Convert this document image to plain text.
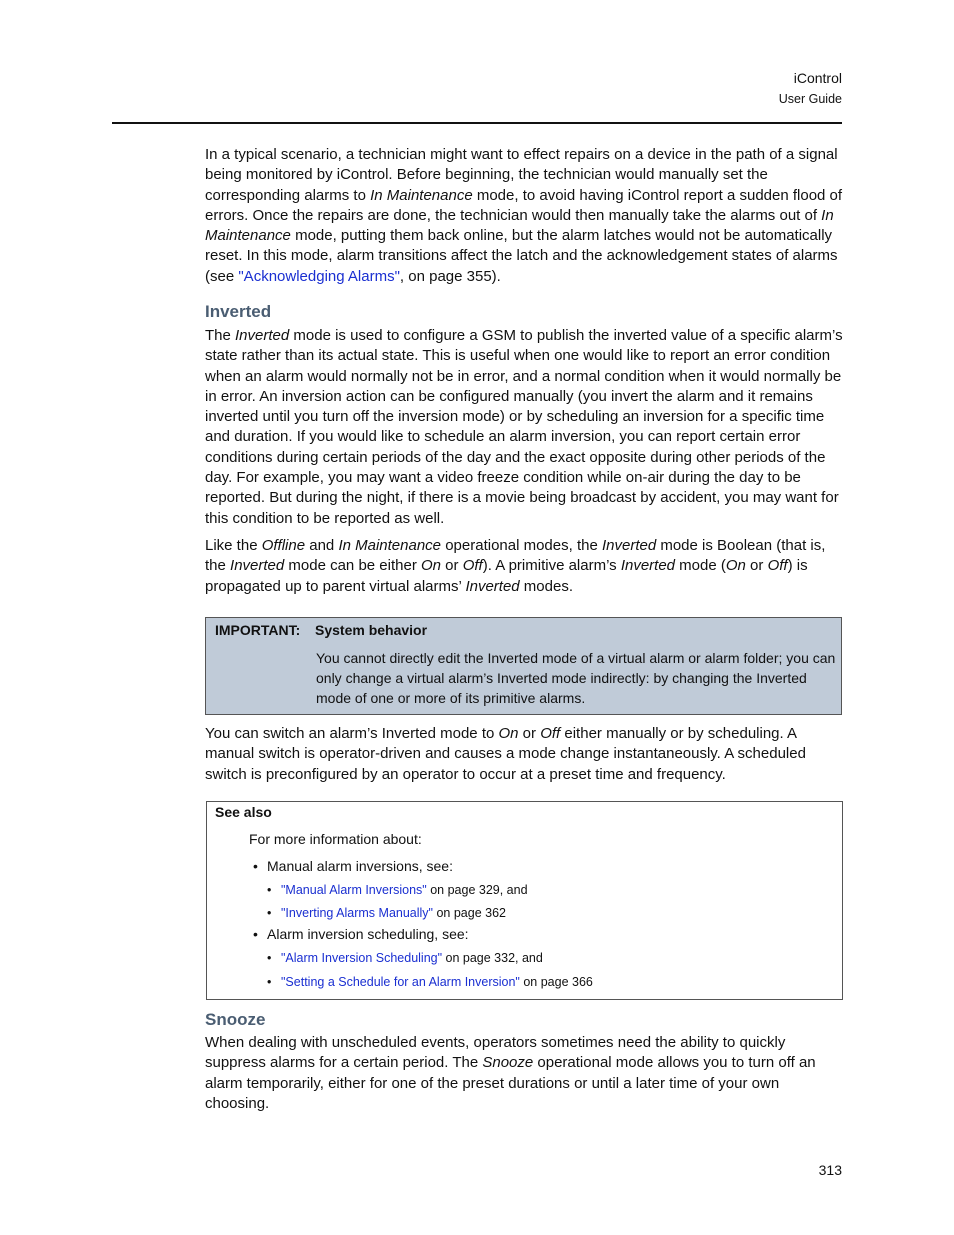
iControl
User Guide

In a typical scenario, a technician might want to effect repairs on a device in the path of a signal being monitored by iControl. Before beginning, the technician would manually set the corresponding alarms to In Maintenance mode, to avoid having iControl report a sudden flood of errors. Once the repairs are done, the technician would then manually take the alarms out of In Maintenance mode, putting them back online, but the alarm latches would not be automatically reset. In this mode, alarm transitions affect the latch and the acknowledgement states of alarms (see "Acknowledging Alarms", on page 355).

Inverted

The Inverted mode is used to configure a GSM to publish the inverted value of a specific alarm’s state rather than its actual state. This is useful when one would like to report an error condition when an alarm would normally not be in error, and a normal condition when it would normally be in error. An inversion action can be configured manually (you invert the alarm and it remains inverted until you turn off the inversion mode) or by scheduling an inversion for a specific time and duration. If you would like to schedule an alarm inversion, you can report certain error conditions during certain periods of the day and the exact opposite during other periods of the day. For example, you may want a video freeze condition while on-air during the day to be reported. But during the night, if there is a movie being broadcast by accident, you may want for this condition to be reported as well.

Like the Offline and In Maintenance operational modes, the Inverted mode is Boolean (that is, the Inverted mode can be either On or Off). A primitive alarm’s Inverted mode (On or Off) is propagated up to parent virtual alarms’ Inverted modes.

IMPORTANT: System behavior

You cannot directly edit the Inverted mode of a virtual alarm or alarm folder; you can only change a virtual alarm’s Inverted mode indirectly: by changing the Inverted mode of one or more of its primitive alarms.

You can switch an alarm’s Inverted mode to On or Off either manually or by scheduling. A manual switch is operator-driven and causes a mode change instantaneously. A scheduled switch is preconfigured by an operator to occur at a preset time and frequency.

See also
For more information about:
• Manual alarm inversions, see:
• "Manual Alarm Inversions" on page 329, and
• "Inverting Alarms Manually" on page 362
• Alarm inversion scheduling, see:
• "Alarm Inversion Scheduling" on page 332, and
• "Setting a Schedule for an Alarm Inversion" on page 366
Snooze

When dealing with unscheduled events, operators sometimes need the ability to quickly suppress alarms for a certain period. The Snooze operational mode allows you to turn off an alarm temporarily, either for one of the preset durations or until a later time of your own choosing.

313
